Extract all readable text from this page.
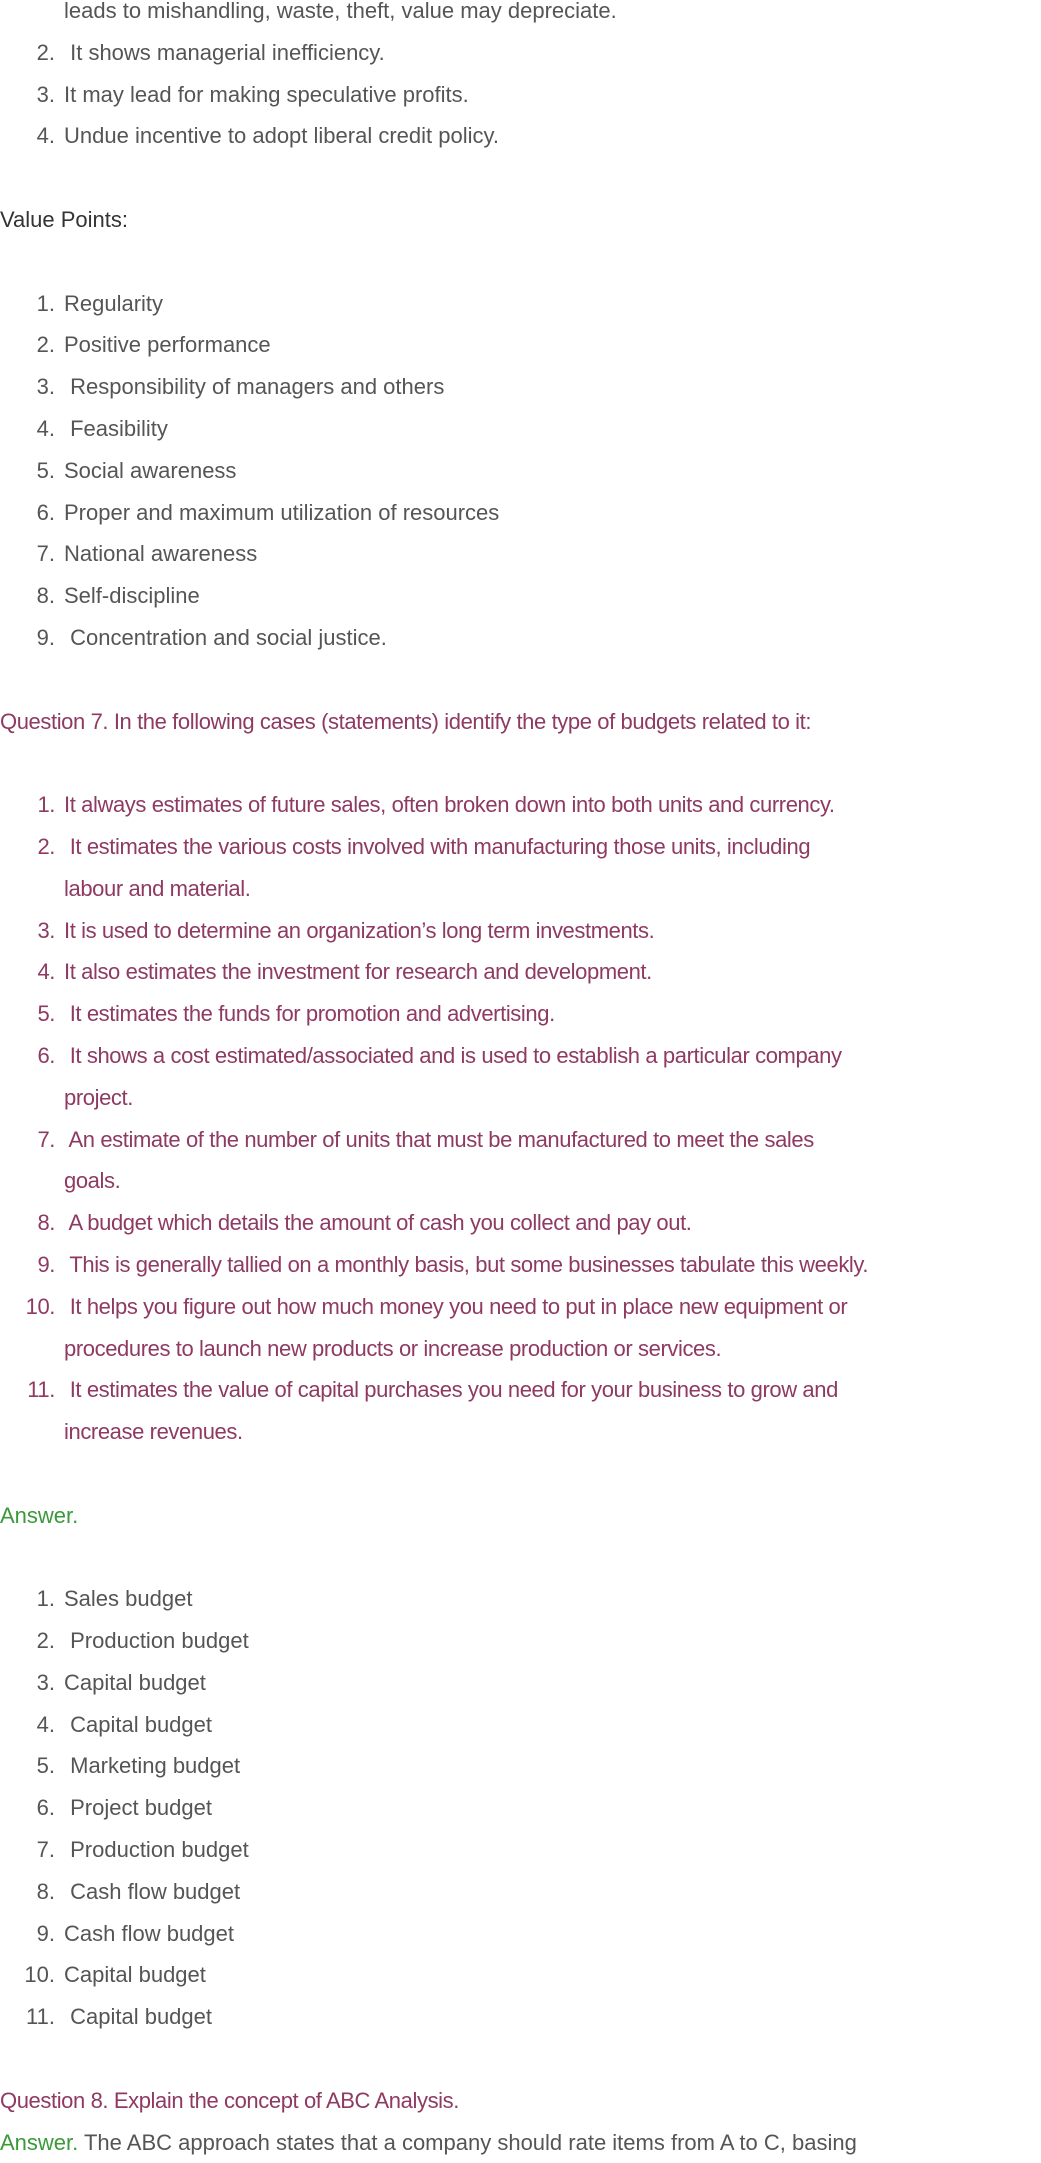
leads to mishandling, waste, theft, value may depreciate.
2. It shows managerial inefficiency.
3. It may lead for making speculative profits.
4. Undue incentive to adopt liberal credit policy.
Value Points:
1. Regularity
2. Positive performance
3. Responsibility of managers and others
4. Feasibility
5. Social awareness
6. Proper and maximum utilization of resources
7. National awareness
8. Self-discipline
9. Concentration and social justice.
Question 7. In the following cases (statements) identify the type of budgets related to it:
1. It always estimates of future sales, often broken down into both units and currency.
2. It estimates the various costs involved with manufacturing those units, including
labour and material.
3. It is used to determine an organization’s long term investments.
4. It also estimates the investment for research and development.
5. It estimates the funds for promotion and advertising.
6. It shows a cost estimated/associated and is used to establish a particular company
project.
7. An estimate of the number of units that must be manufactured to meet the sales
goals.
8. A budget which details the amount of cash you collect and pay out.
9. This is generally tallied on a monthly basis, but some businesses tabulate this weekly.
10. It helps you figure out how much money you need to put in place new equipment or
procedures to launch new products or increase production or services.
11. It estimates the value of capital purchases you need for your business to grow and
increase revenues.
Answer.
1. Sales budget
2. Production budget
3. Capital budget
4. Capital budget
5. Marketing budget
6. Project budget
7. Production budget
8. Cash flow budget
9. Cash flow budget
10. Capital budget
11. Capital budget
Question 8. Explain the concept of ABC Analysis.
Answer. The ABC approach states that a company should rate items from A to C, basing
